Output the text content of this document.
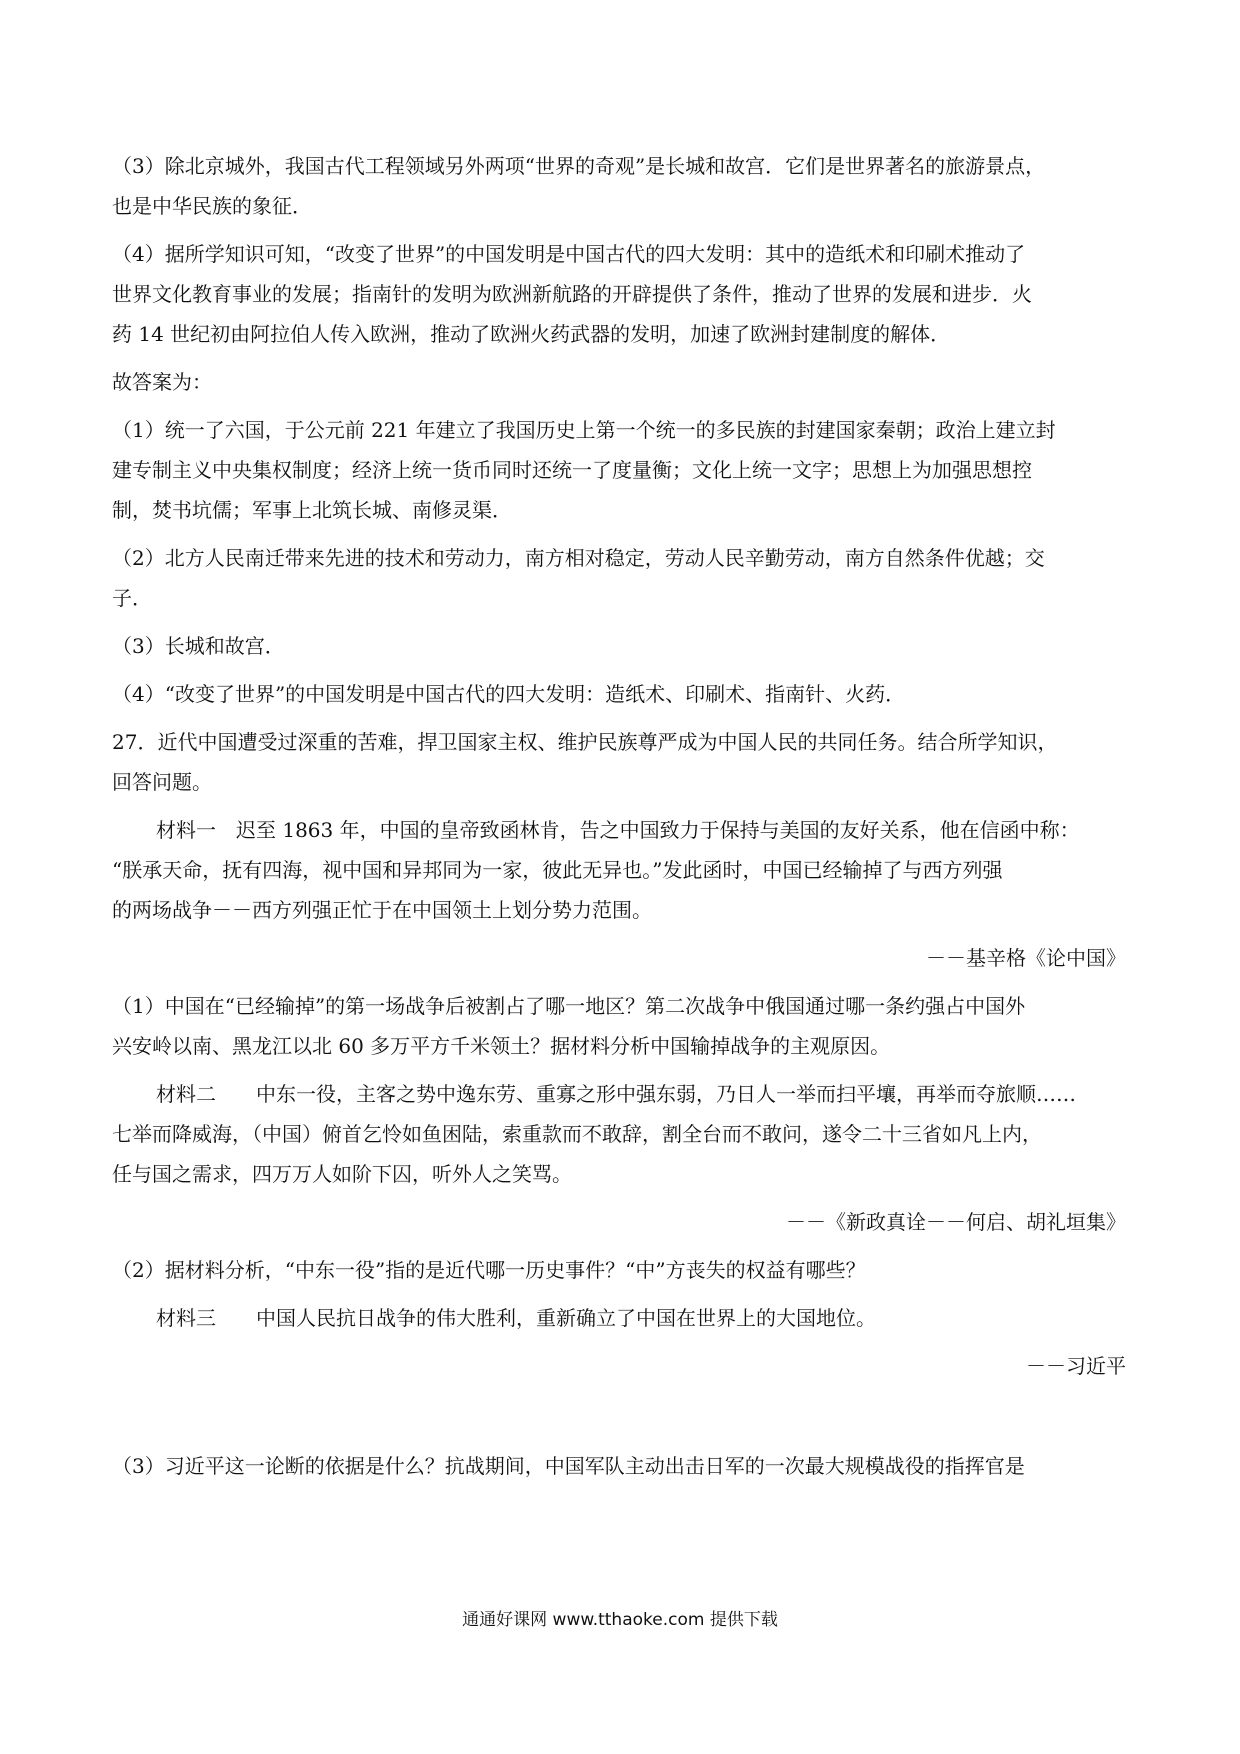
（3）除北京城外，我国古代工程领域另外两项“世界的奇观”是长城和故宫．它们是世界著名的旅游景点，

也是中华民族的象征．

（4）据所学知识可知，“改变了世界”的中国发明是中国古代的四大发明：其中的造纸术和印刷术推动了

世界文化教育事业的发展；指南针的发明为欧洲新航路的开辟提供了条件，推动了世界的发展和进步．火

药 14 世纪初由阿拉伯人传入欧洲，推动了欧洲火药武器的发明，加速了欧洲封建制度的解体．

故答案为：

（1）统一了六国，于公元前 221 年建立了我国历史上第一个统一的多民族的封建国家秦朝；政治上建立封

建专制主义中央集权制度；经济上统一货币同时还统一了度量衡；文化上统一文字；思想上为加强思想控

制，焚书坑儒；军事上北筑长城、南修灵渠．

（2）北方人民南迁带来先进的技术和劳动力，南方相对稳定，劳动人民辛勤劳动，南方自然条件优越；交

子．

（3）长城和故宫．

（4）“改变了世界”的中国发明是中国古代的四大发明：造纸术、印刷术、指南针、火药．

27．近代中国遭受过深重的苦难，捍卫国家主权、维护民族尊严成为中国人民的共同任务。结合所学知识，

回答问题。

材料一　迟至 1863 年，中国的皇帝致函林肯，告之中国致力于保持与美国的友好关系，他在信函中称：

“朕承天命，抚有四海，视中国和异邦同为一家，彼此无异也。”发此函时，中国已经输掉了与西方列强

的两场战争－－西方列强正忙于在中国领土上划分势力范围。

－－基辛格《论中国》

（1）中国在“已经输掉”的第一场战争后被割占了哪一地区？第二次战争中俄国通过哪一条约强占中国外

兴安岭以南、黑龙江以北 60 多万平方千米领土？据材料分析中国输掉战争的主观原因。

材料二　　中东一役，主客之势中逸东劳、重寡之形中强东弱，乃日人一举而扫平壤，再举而夺旅顺……

七举而降威海，（中国）俯首乞怜如鱼困陆，索重款而不敢辞，割全台而不敢问，遂令二十三省如凡上内，

任与国之需求，四万万人如阶下囚，听外人之笑骂。

－－《新政真诠－－何启、胡礼垣集》

（2）据材料分析，“中东一役”指的是近代哪一历史事件？“中”方丧失的权益有哪些？

材料三　　中国人民抗日战争的伟大胜利，重新确立了中国在世界上的大国地位。

－－习近平

（3）习近平这一论断的依据是什么？抗战期间，中国军队主动出击日军的一次最大规模战役的指挥官是

通通好课网 www.tthaoke.com 提供下载
